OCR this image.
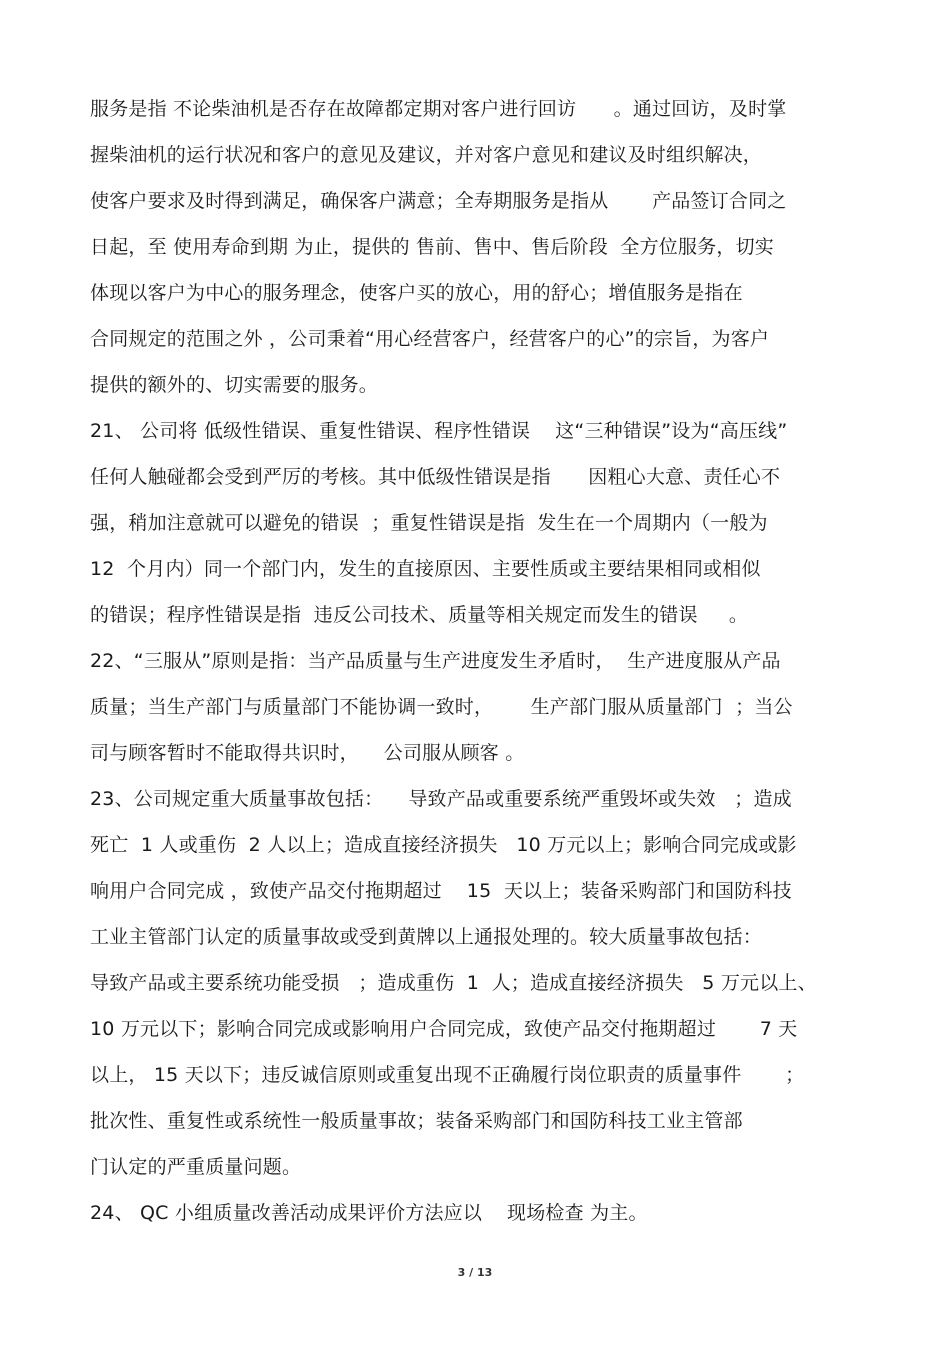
服务是指 不论柴油机是否存在故障都定期对客户进行回访      。通过回访，及时掌
握柴油机的运行状况和客户的意见及建议，并对客户意见和建议及时组织解决，
使客户要求及时得到满足，确保客户满意；全寿期服务是指从       产品签订合同之
日起，至 使用寿命到期 为止，提供的 售前、售中、售后阶段  全方位服务，切实
体现以客户为中心的服务理念，使客户买的放心，用的舒心；增值服务是指在
合同规定的范围之外 ，公司秉着“用心经营客户，经营客户的心”的宗旨，为客户
提供的额外的、切实需要的服务。
21、 公司将 低级性错误、重复性错误、程序性错误    这“三种错误”设为“高压线”
任何人触碰都会受到严厉的考核。其中低级性错误是指      因粗心大意、责任心不
强，稍加注意就可以避免的错误  ；重复性错误是指  发生在一个周期内（一般为
12  个月内）同一个部门内，发生的直接原因、主要性质或主要结果相同或相似
的错误；程序性错误是指  违反公司技术、质量等相关规定而发生的错误     。
22、“三服从”原则是指：当产品质量与生产进度发生矛盾时，  生产进度服从产品
质量；当生产部门与质量部门不能协调一致时，      生产部门服从质量部门  ；当公
司与顾客暂时不能取得共识时，    公司服从顾客 。
23、公司规定重大质量事故包括：    导致产品或重要系统严重毁坏或失效   ；造成
死亡  1 人或重伤  2 人以上；造成直接经济损失   10 万元以上；影响合同完成或影
响用户合同完成 ，致使产品交付拖期超过    15  天以上；装备采购部门和国防科技
工业主管部门认定的质量事故或受到黄牌以上通报处理的。较大质量事故包括：
导致产品或主要系统功能受损   ；造成重伤  1  人；造成直接经济损失   5 万元以上、
10 万元以下；影响合同完成或影响用户合同完成，致使产品交付拖期超过       7 天
以上， 15 天以下；违反诚信原则或重复出现不正确履行岗位职责的质量事件       ；
批次性、重复性或系统性一般质量事故；装备采购部门和国防科技工业主管部
门认定的严重质量问题。
24、 QC 小组质量改善活动成果评价方法应以    现场检查 为主。
3 / 13
